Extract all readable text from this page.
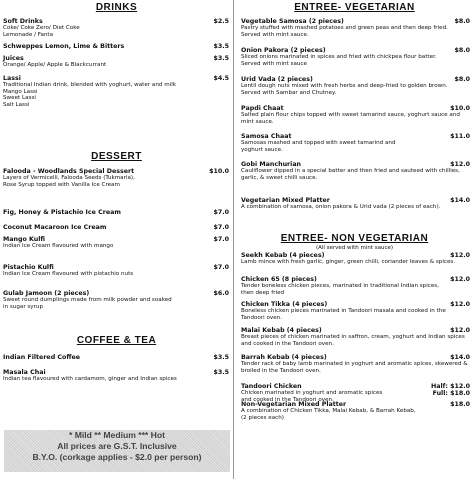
DRINKS
DESSERT
COFFEE & TEA
* Mild ** Medium *** Hot
All prices are G.S.T. Inclusive
B.Y.O. (corkage applies - $2.0 per person)
Soft Drinks	$2.5
Coke/ Coke Zero/ Diet Coke
Lemonade / Fanta
Schweppes Lemon, Lime & Bitters	$3.5
Juices	$3.5
Orange/ Apple/ Apple & Blackcurrant
Lassi	$4.5
Traditional Indian drink, blended with yoghurt, water and milk
Mango Lassi
Sweet Lassi
Salt Lassi
Falooda - Woodlands Special Dessert	$10.0
Layers of Vermicelli, Falooda Seeds (Tukmaria),
Rose Syrup topped with Vanilla Ice Cream
Fig, Honey & Pistachio Ice Cream	$7.0
Coconut Macaroon Ice Cream	$7.0
Mango Kulfi	$7.0
Indian Ice Cream flavoured with mango
Pistachio Kulfi	$7.0
Indian Ice Cream flavoured with pistachio nuts
Gulab Jamoon (2 pieces)	$6.0
Sweet round dumplings made from milk powder and soaked
in sugar syrup
Indian Filtered Coffee	$3.5
Masala Chai	$3.5
Indian tea flavoured with cardamom, ginger and Indian spices
ENTREE- VEGETARIAN
ENTREE- NON VEGETARIAN
(All served with mint sauce)
Vegetable Samosa (2 pieces)	$8.0
Pastry stuffed with mashed potatoes and green peas and then deep fried.
Served with mint sauce.
Onion Pakora (2 pieces)	$8.0
Sliced onions marinated in spices and fried with chickpea flour batter.
Served with mint sauce
Urid Vada (2 pieces)	$8.0
Lentil dough nuts mixed with fresh herbs and deep-fried to golden brown.
Served with Sambar and Chutney.
Papdi Chaat	$10.0
Salted plain flour chips topped with sweet tamarind sauce, yoghurt sauce and
mint sauce.
Samosa Chaat	$11.0
Samosas mashed and topped with sweet tamarind and
yoghurt sauce.
Gobi Manchurian	$12.0
Cauliflower dipped in a special batter and then fried and sauteed with chillies,
garlic, & sweet chilli sauce.
Vegetarian Mixed Platter	$14.0
A combination of samosa, onion pakora & Urid vada (2 pieces of each).
Seekh Kebab (4 pieces)	$12.0
Lamb mince with fresh garlic, ginger, green chilli, coriander leaves & spices.
Chicken 65 (8 pieces)	$12.0
Tender boneless chicken pieces, marinated in traditional Indian spices,
then deep fried
Chicken Tikka (4 pieces)	$12.0
Boneless chicken pieces marinated in Tandoori masala and cooked in the
Tandoori oven.
Malai Kebab (4 pieces)	$12.0
Breast pieces of chicken marinated in saffron, cream, yoghurt and Indian spices
and cooked in the Tandoori oven.
Barrah Kebab (4 pieces)	$14.0
Tender rack of baby lamb marinated in yoghurt and aromatic spices, skewered &
broiled in the Tandoori oven.
Tandoori Chicken	Half: $12.0
Full: $18.0
Chicken marinated in yoghurt and aromatic spices
and cooked in the Tandoori oven.
Non-Vegetarian Mixed Platter	$18.0
A combination of Chicken Tikka, Malai Kebab, & Barrah Kebab,
(2 pieces each)
